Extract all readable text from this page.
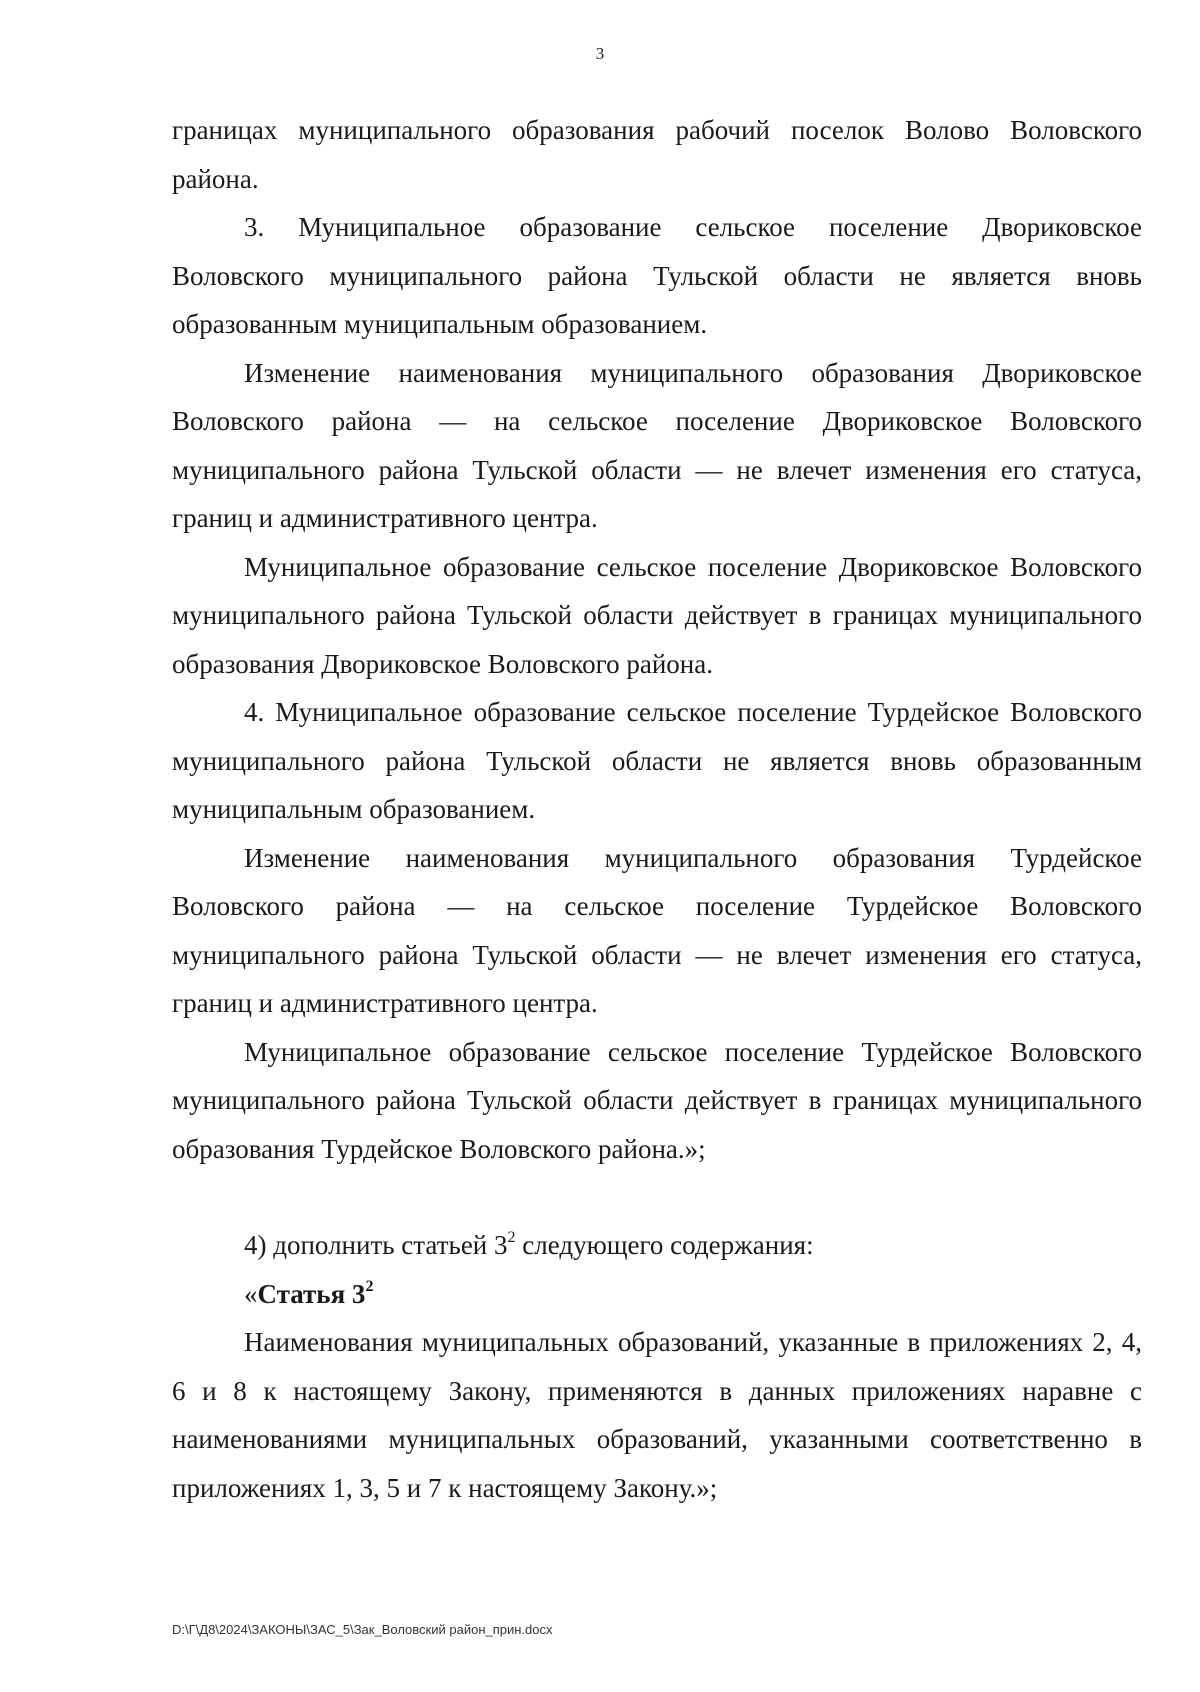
3

границах муниципального образования рабочий поселок Волово Воловского района.

3. Муниципальное образование сельское поселение Двориковское Воловского муниципального района Тульской области не является вновь образованным муниципальным образованием.

Изменение наименования муниципального образования Двориковское Воловского района — на сельское поселение Двориковское Воловского муниципального района Тульской области — не влечет изменения его статуса, границ и административного центра.

Муниципальное образование сельское поселение Двориковское Воловского муниципального района Тульской области действует в границах муниципального образования Двориковское Воловского района.

4. Муниципальное образование сельское поселение Турдейское Воловского муниципального района Тульской области не является вновь образованным муниципальным образованием.

Изменение наименования муниципального образования Турдейское Воловского района — на сельское поселение Турдейское Воловского муниципального района Тульской области — не влечет изменения его статуса, границ и административного центра.

Муниципальное образование сельское поселение Турдейское Воловского муниципального района Тульской области действует в границах муниципального образования Турдейское Воловского района.»;

4) дополнить статьей $3^2$ следующего содержания:

«Статья $3^2$

Наименования муниципальных образований, указанные в приложениях 2, 4, 6 и 8 к настоящему Закону, применяются в данных приложениях наравне с наименованиями муниципальных образований, указанными соответственно в приложениях 1, 3, 5 и 7 к настоящему Закону.»;

D:\Г\Д8\2024\ЗАКОНЫ\ЗАС_5\Зак_Воловский район_прин.docx
